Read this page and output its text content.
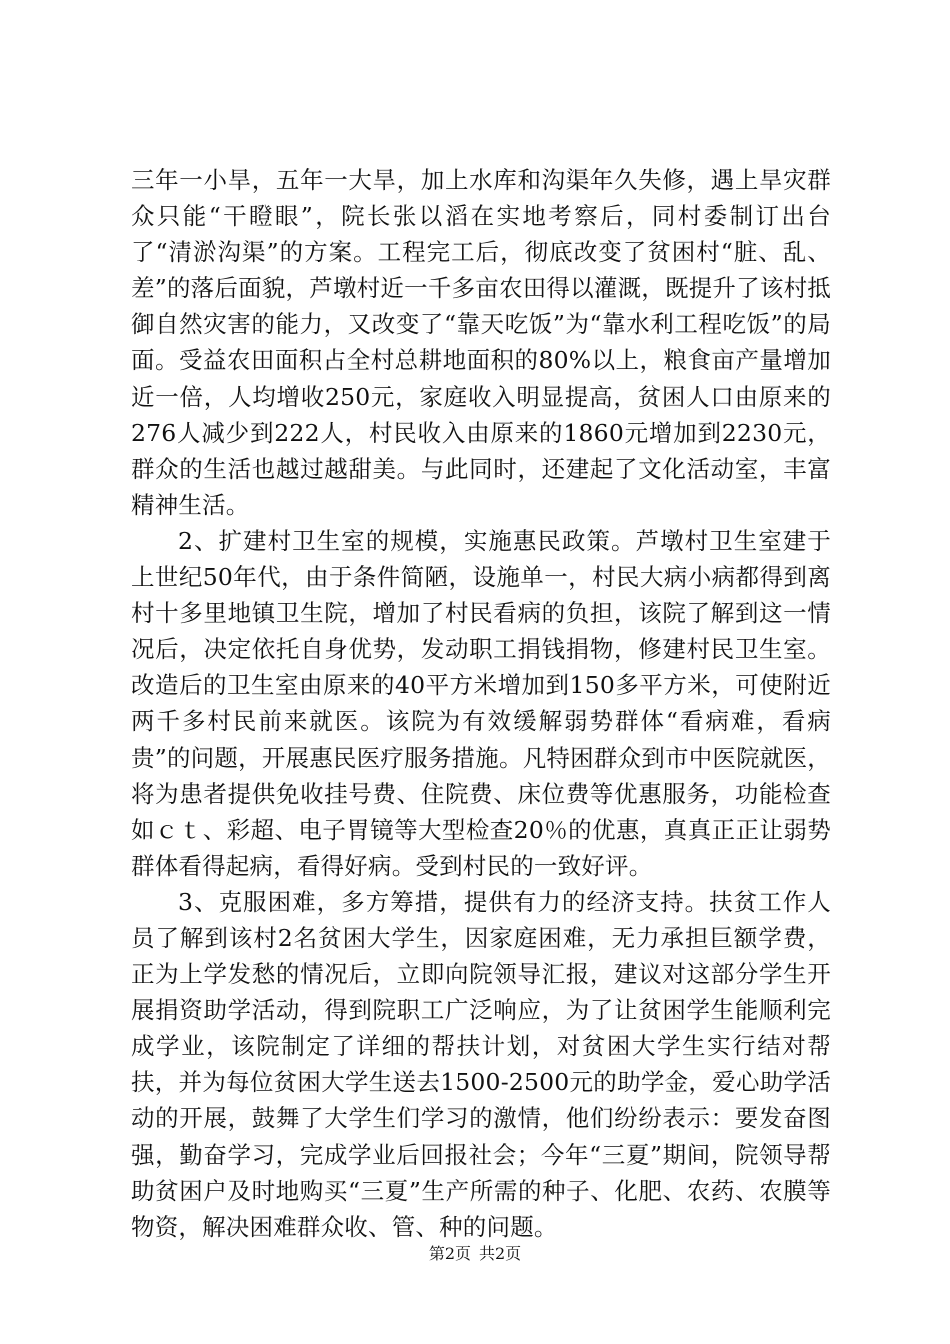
三年一小旱，五年一大旱，加上水库和沟渠年久失修，遇上旱灾群众只能“干瞪眼”，院长张以滔在实地考察后，同村委制订出台了“清淤沟渠”的方案。工程完工后，彻底改变了贫困村“脏、乱、差”的落后面貌，芦墩村近一千多亩农田得以灌溉，既提升了该村抵御自然灾害的能力，又改变了“靠天吃饭”为“靠水利工程吃饭”的局面。受益农田面积占全村总耕地面积的80%以上，粮食亩产量增加近一倍，人均增收250元，家庭收入明显提高，贫困人口由原来的276人减少到222人，村民收入由原来的1860元增加到2230元，群众的生活也越过越甜美。与此同时，还建起了文化活动室，丰富精神生活。

2、扩建村卫生室的规模，实施惠民政策。芦墩村卫生室建于上世纪50年代，由于条件简陋，设施单一，村民大病小病都得到离村十多里地镇卫生院，增加了村民看病的负担，该院了解到这一情况后，决定依托自身优势，发动职工捐钱捐物，修建村民卫生室。改造后的卫生室由原来的40平方米增加到150多平方米，可使附近两千多村民前来就医。该院为有效缓解弱势群体“看病难，看病贵”的问题，开展惠民医疗服务措施。凡特困群众到市中医院就医，将为患者提供免收挂号费、住院费、床位费等优惠服务，功能检查如ｃｔ、彩超、电子胃镜等大型检查20％的优惠，真真正正让弱势群体看得起病，看得好病。受到村民的一致好评。

3、克服困难，多方筹措，提供有力的经济支持。扶贫工作人员了解到该村2名贫困大学生，因家庭困难，无力承担巨额学费，正为上学发愁的情况后，立即向院领导汇报，建议对这部分学生开展捐资助学活动，得到院职工广泛响应，为了让贫困学生能顺利完成学业，该院制定了详细的帮扶计划，对贫困大学生实行结对帮扶，并为每位贫困大学生送去1500-2500元的助学金，爱心助学活动的开展，鼓舞了大学生们学习的激情，他们纷纷表示：要发奋图强，勤奋学习，完成学业后回报社会；今年“三夏”期间，院领导帮助贫困户及时地购买“三夏”生产所需的种子、化肥、农药、农膜等物资，解决困难群众收、管、种的问题。

第2页 共2页
